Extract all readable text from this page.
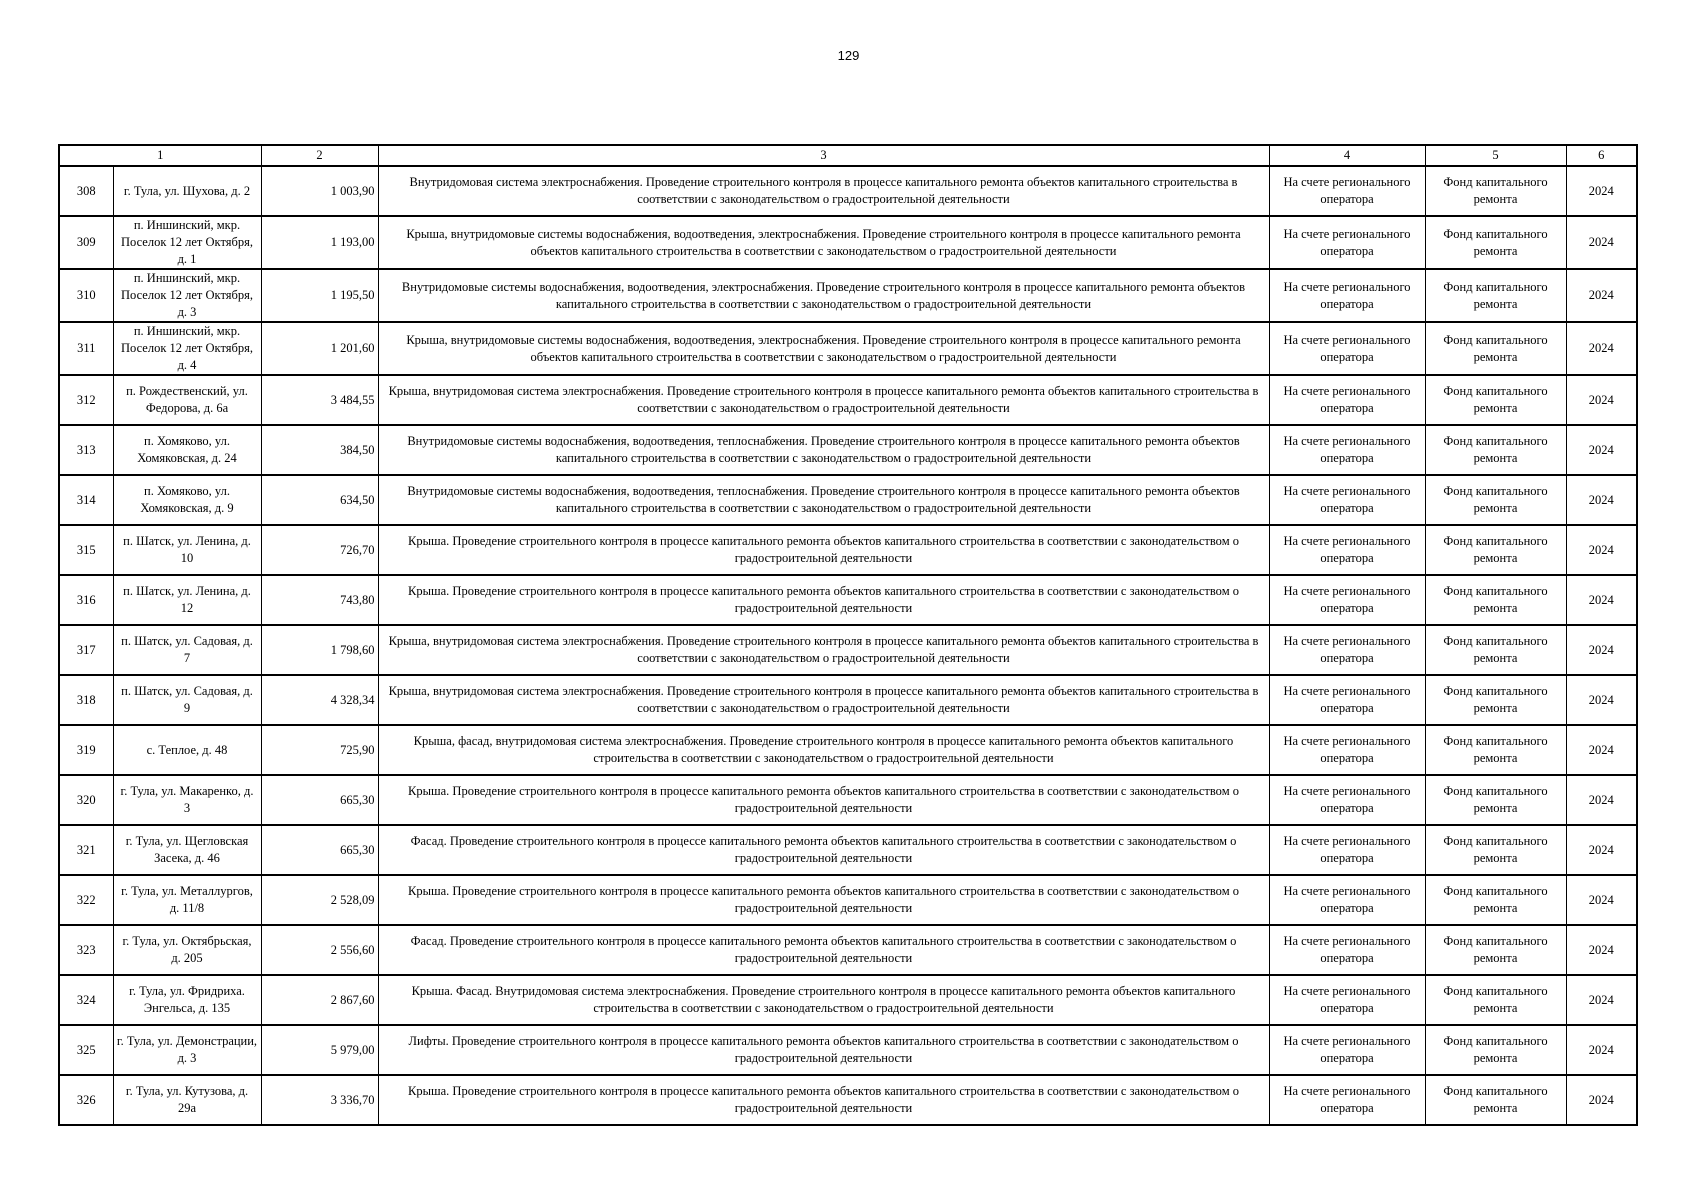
129
1		2	3	4	5	6
308	г. Тула, ул. Шухова, д. 2	1 003,90	Внутридомовая система электроснабжения. Проведение строительного контроля в процессе капитального ремонта объектов капитального строительства в соответствии с законодательством о градостроительной деятельности	На счете регионального оператора	Фонд капитального ремонта	2024
309	п. Иншинский, мкр. Поселок 12 лет Октября, д. 1	1 193,00	Крыша, внутридомовые системы водоснабжения, водоотведения, электроснабжения. Проведение строительного контроля в процессе капитального ремонта объектов капитального строительства в соответствии с законодательством о градостроительной деятельности	На счете регионального оператора	Фонд капитального ремонта	2024
310	п. Иншинский, мкр. Поселок 12 лет Октября, д. 3	1 195,50	Внутридомовые системы водоснабжения, водоотведения, электроснабжения. Проведение строительного контроля в процессе капитального ремонта объектов капитального строительства в соответствии с законодательством о градостроительной деятельности	На счете регионального оператора	Фонд капитального ремонта	2024
311	п. Иншинский, мкр. Поселок 12 лет Октября, д. 4	1 201,60	Крыша, внутридомовые системы водоснабжения, водоотведения, электроснабжения. Проведение строительного контроля в процессе капитального ремонта объектов капитального строительства в соответствии с законодательством о градостроительной деятельности	На счете регионального оператора	Фонд капитального ремонта	2024
312	п. Рождественский, ул. Федорова, д. 6а	3 484,55	Крыша, внутридомовая система электроснабжения. Проведение строительного контроля в процессе капитального ремонта объектов капитального строительства в соответствии с законодательством о градостроительной деятельности	На счете регионального оператора	Фонд капитального ремонта	2024
313	п. Хомяково, ул. Хомяковская, д. 24	384,50	Внутридомовые системы водоснабжения, водоотведения, теплоснабжения. Проведение строительного контроля в процессе капитального ремонта объектов капитального строительства в соответствии с законодательством о градостроительной деятельности	На счете регионального оператора	Фонд капитального ремонта	2024
314	п. Хомяково, ул. Хомяковская, д. 9	634,50	Внутридомовые системы водоснабжения, водоотведения, теплоснабжения. Проведение строительного контроля в процессе капитального ремонта объектов капитального строительства в соответствии с законодательством о градостроительной деятельности	На счете регионального оператора	Фонд капитального ремонта	2024
315	п. Шатск, ул. Ленина, д. 10	726,70	Крыша. Проведение строительного контроля в процессе капитального ремонта объектов капитального строительства в соответствии с законодательством о градостроительной деятельности	На счете регионального оператора	Фонд капитального ремонта	2024
316	п. Шатск, ул. Ленина, д. 12	743,80	Крыша. Проведение строительного контроля в процессе капитального ремонта объектов капитального строительства в соответствии с законодательством о градостроительной деятельности	На счете регионального оператора	Фонд капитального ремонта	2024
317	п. Шатск, ул. Садовая, д. 7	1 798,60	Крыша, внутридомовая система электроснабжения. Проведение строительного контроля в процессе капитального ремонта объектов капитального строительства в соответствии с законодательством о градостроительной деятельности	На счете регионального оператора	Фонд капитального ремонта	2024
318	п. Шатск, ул. Садовая, д. 9	4 328,34	Крыша, внутридомовая система электроснабжения. Проведение строительного контроля в процессе капитального ремонта объектов капитального строительства в соответствии с законодательством о градостроительной деятельности	На счете регионального оператора	Фонд капитального ремонта	2024
319	с. Теплое, д. 48	725,90	Крыша, фасад, внутридомовая система электроснабжения. Проведение строительного контроля в процессе капитального ремонта объектов капитального строительства в соответствии с законодательством о градостроительной деятельности	На счете регионального оператора	Фонд капитального ремонта	2024
320	г. Тула, ул. Макаренко, д. 3	665,30	Крыша. Проведение строительного контроля в процессе капитального ремонта объектов капитального строительства в соответствии с законодательством о градостроительной деятельности	На счете регионального оператора	Фонд капитального ремонта	2024
321	г. Тула, ул. Щегловская Засека, д. 46	665,30	Фасад. Проведение строительного контроля в процессе капитального ремонта объектов капитального строительства в соответствии с законодательством о градостроительной деятельности	На счете регионального оператора	Фонд капитального ремонта	2024
322	г. Тула, ул. Металлургов, д. 11/8	2 528,09	Крыша. Проведение строительного контроля в процессе капитального ремонта объектов капитального строительства в соответствии с законодательством о градостроительной деятельности	На счете регионального оператора	Фонд капитального ремонта	2024
323	г. Тула, ул. Октябрьская, д. 205	2 556,60	Фасад. Проведение строительного контроля в процессе капитального ремонта объектов капитального строительства в соответствии с законодательством о градостроительной деятельности	На счете регионального оператора	Фонд капитального ремонта	2024
324	г. Тула, ул. Фридриха. Энгельса, д. 135	2 867,60	Крыша. Фасад. Внутридомовая система электроснабжения. Проведение строительного контроля в процессе капитального ремонта объектов капитального строительства в соответствии с законодательством о градостроительной деятельности	На счете регионального оператора	Фонд капитального ремонта	2024
325	г. Тула, ул. Демонстрации, д. 3	5 979,00	Лифты. Проведение строительного контроля в процессе капитального ремонта объектов капитального строительства в соответствии с законодательством о градостроительной деятельности	На счете регионального оператора	Фонд капитального ремонта	2024
326	г. Тула, ул. Кутузова, д. 29а	3 336,70	Крыша. Проведение строительного контроля в процессе капитального ремонта объектов капитального строительства в соответствии с законодательством о градостроительной деятельности	На счете регионального оператора	Фонд капитального ремонта	2024
